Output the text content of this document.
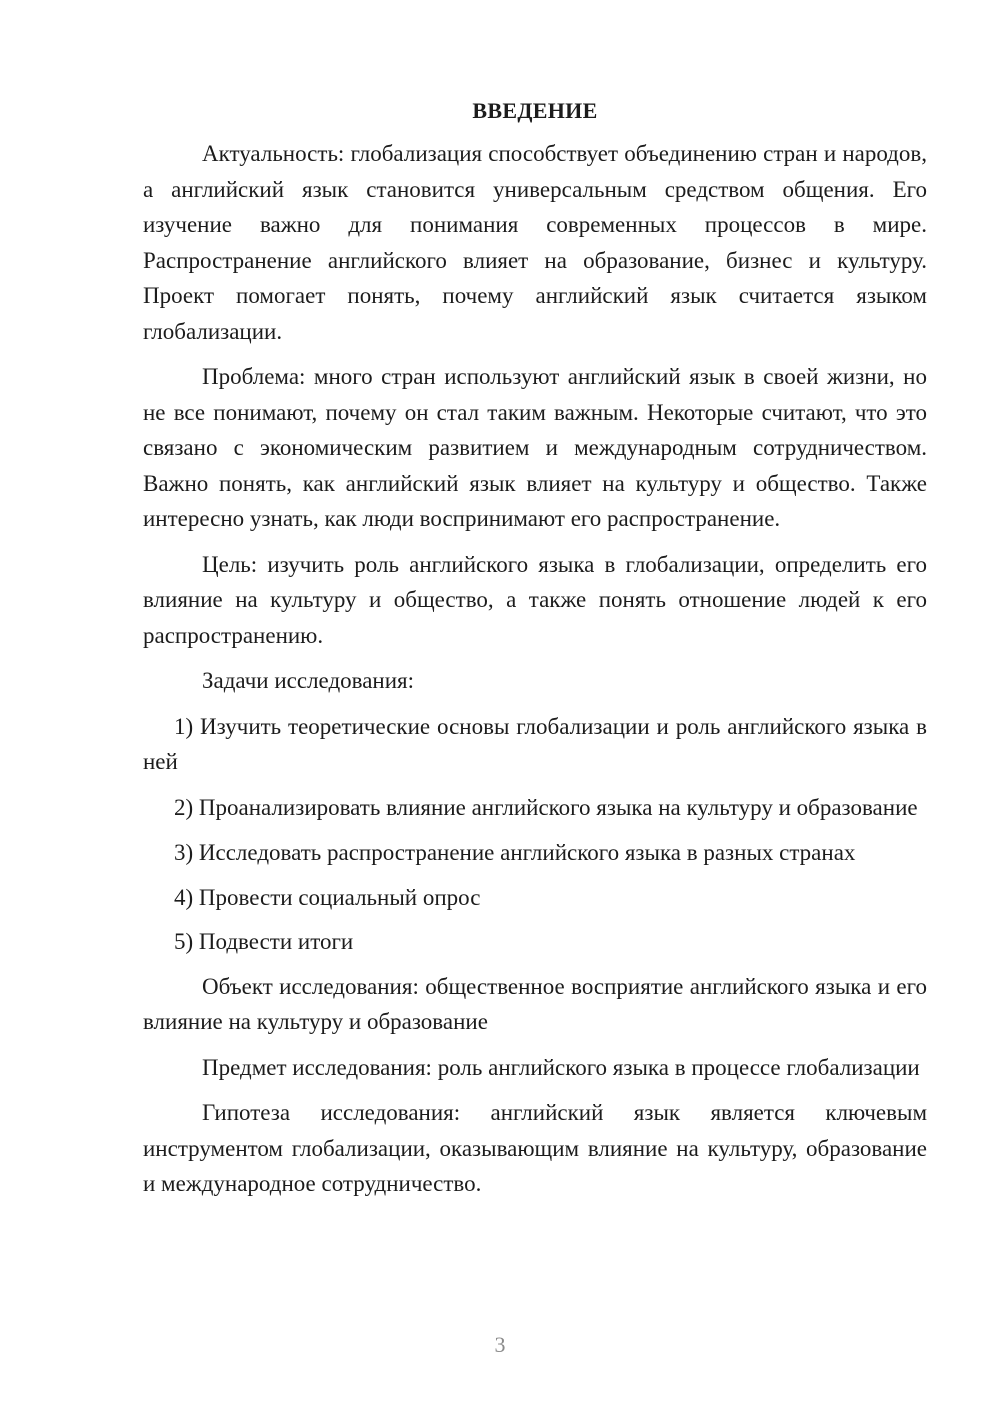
ВВЕДЕНИЕ

Актуальность: глобализация способствует объединению стран и народов, а английский язык становится универсальным средством общения. Его изучение важно для понимания современных процессов в мире. Распространение английского влияет на образование, бизнес и культуру. Проект помогает понять, почему английский язык считается языком глобализации.

Проблема: много стран используют английский язык в своей жизни, но не все понимают, почему он стал таким важным. Некоторые считают, что это связано с экономическим развитием и международным сотрудничеством. Важно понять, как английский язык влияет на культуру и общество. Также интересно узнать, как люди воспринимают его распространение.

Цель: изучить роль английского языка в глобализации, определить его влияние на культуру и общество, а также понять отношение людей к его распространению.

Задачи исследования:

1) Изучить теоретические основы глобализации и роль английского языка в ней

2) Проанализировать влияние английского языка на культуру и образование

3) Исследовать распространение английского языка в разных странах

4) Провести социальный опрос

5) Подвести итоги

Объект исследования: общественное восприятие английского языка и его влияние на культуру и образование

Предмет исследования: роль английского языка в процессе глобализации

Гипотеза исследования: английский язык является ключевым инструментом глобализации, оказывающим влияние на культуру, образование и международное сотрудничество.

3
